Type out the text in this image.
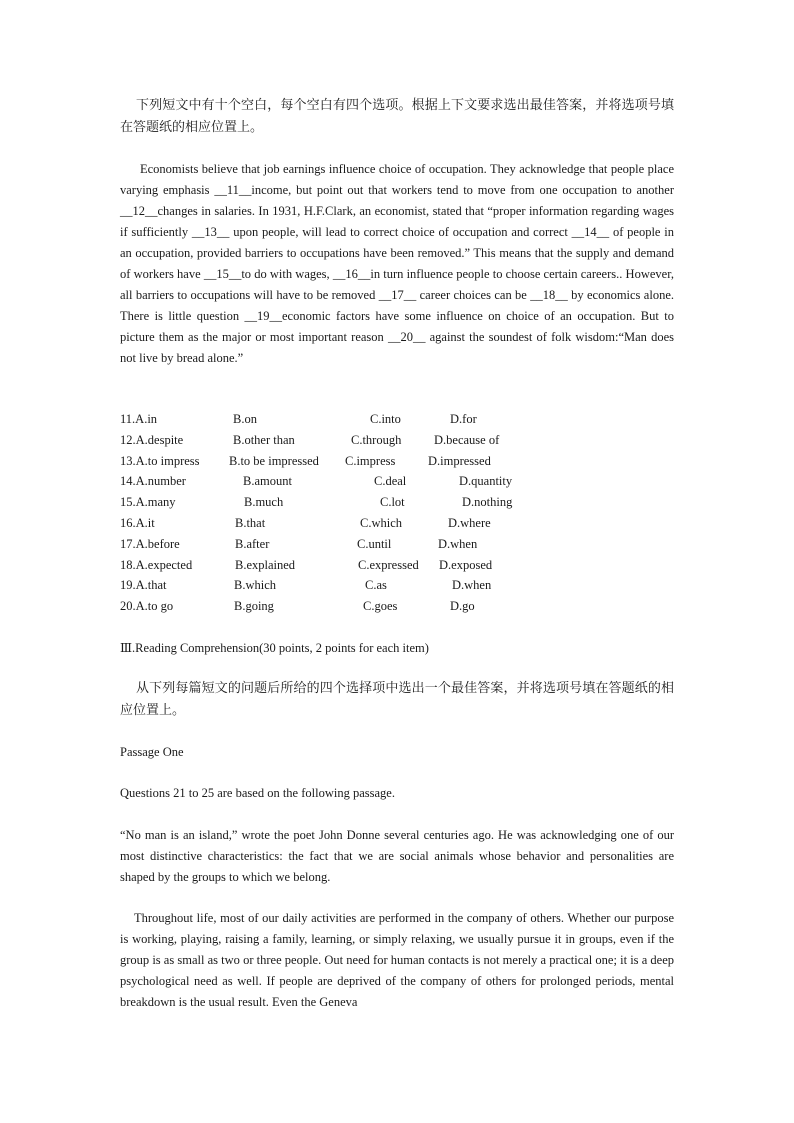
下列短文中有十个空白，每个空白有四个选项。根据上下文要求选出最佳答案，并将选项号填在答题纸的相应位置上。

Economists believe that job earnings influence choice of occupation. They acknowledge that people place varying emphasis __11__income, but point out that workers tend to move from one occupation to another __12__changes in salaries. In 1931, H.F.Clark, an economist, stated that “proper information regarding wages if sufficiently __13__ upon people, will lead to correct choice of occupation and correct __14__ of people in an occupation, provided barriers to occupations have been removed.” This means that the supply and demand of workers have __15__to do with wages, __16__in turn influence people to choose certain careers.. However, all barriers to occupations will have to be removed __17__ career choices can be __18__ by economics alone. There is little question __19__economic factors have some influence on choice of an occupation. But to picture them as the major or most important reason __20__ against the soundest of folk wisdom:“Man does not live by bread alone.”

11.A.in	B.on	C.into	D.for
12.A.despite	B.other than	C.through	D.because of
13.A.to impress B.to be impressed C.impress	D.impressed
14.A.number	B.amount	C.deal	D.quantity
15.A.many	B.much	C.lot	D.nothing
16.A.it	B.that	C.which	D.where
17.A.before	B.after	C.until	D.when
18.A.expected	B.explained	C.expressed D.exposed
19.A.that	B.which	C.as	D.when
20.A.to go	B.going	C.goes	D.go

Ⅲ.Reading Comprehension(30 points, 2 points for each item)

从下列每篇短文的问题后所给的四个选择项中选出一个最佳答案，并将选项号填在答题纸的相应位置上。

Passage One

Questions 21 to 25 are based on the following passage.

“No man is an island,” wrote the poet John Donne several centuries ago. He was acknowledging one of our most distinctive characteristics: the fact that we are social animals whose behavior and personalities are shaped by the groups to which we belong.

Throughout life, most of our daily activities are performed in the company of others. Whether our purpose is working, playing, raising a family, learning, or simply relaxing, we usually pursue it in groups, even if the group is as small as two or three people. Out need for human contacts is not merely a practical one; it is a deep psychological need as well. If people are deprived of the company of others for prolonged periods, mental breakdown is the usual result. Even the Geneva
